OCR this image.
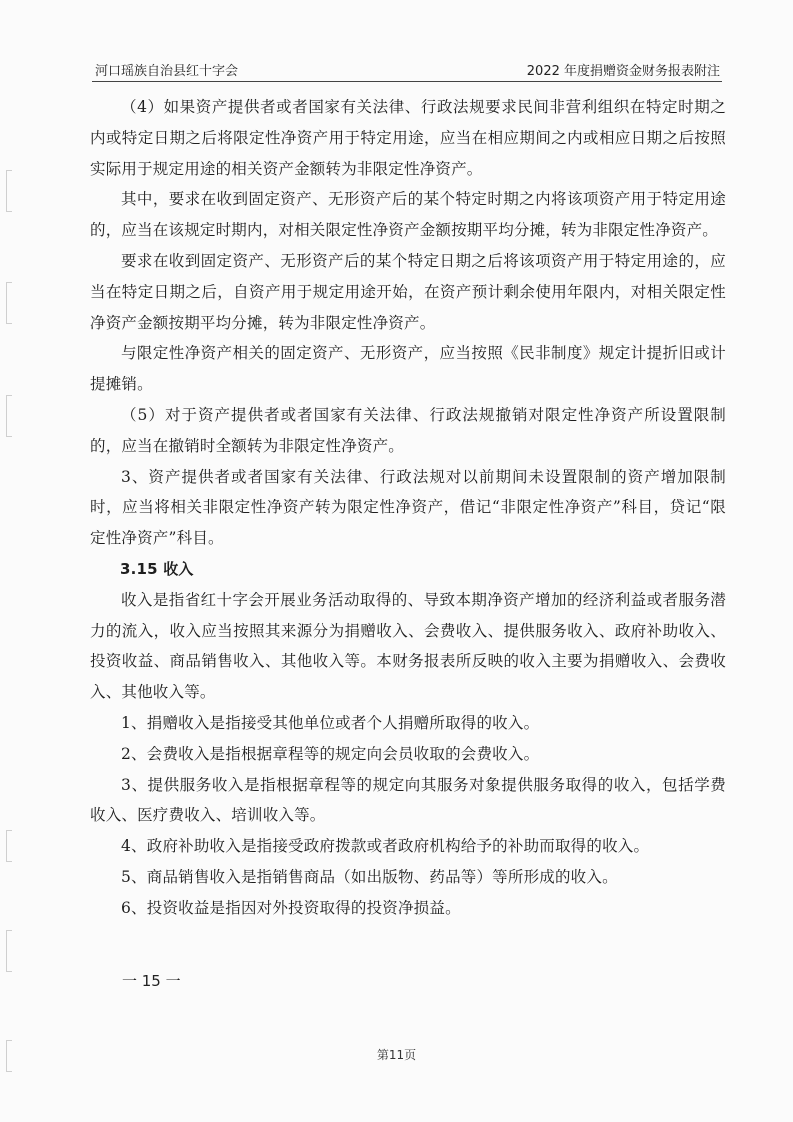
河口瑶族自治县红十字会	2022 年度捐赠资金财务报表附注

（4）如果资产提供者或者国家有关法律、行政法规要求民间非营利组织在特定时期之内或特定日期之后将限定性净资产用于特定用途，应当在相应期间之内或相应日期之后按照实际用于规定用途的相关资产金额转为非限定性净资产。

其中，要求在收到固定资产、无形资产后的某个特定时期之内将该项资产用于特定用途的，应当在该规定时期内，对相关限定性净资产金额按期平均分摊，转为非限定性净资产。

要求在收到固定资产、无形资产后的某个特定日期之后将该项资产用于特定用途的，应当在特定日期之后，自资产用于规定用途开始，在资产预计剩余使用年限内，对相关限定性净资产金额按期平均分摊，转为非限定性净资产。

与限定性净资产相关的固定资产、无形资产，应当按照《民非制度》规定计提折旧或计提摊销。

（5）对于资产提供者或者国家有关法律、行政法规撤销对限定性净资产所设置限制的，应当在撤销时全额转为非限定性净资产。

3、资产提供者或者国家有关法律、行政法规对以前期间未设置限制的资产增加限制时，应当将相关非限定性净资产转为限定性净资产，借记“非限定性净资产”科目，贷记“限定性净资产”科目。

3.15 收入

收入是指省红十字会开展业务活动取得的、导致本期净资产增加的经济利益或者服务潜力的流入，收入应当按照其来源分为捐赠收入、会费收入、提供服务收入、政府补助收入、投资收益、商品销售收入、其他收入等。本财务报表所反映的收入主要为捐赠收入、会费收入、其他收入等。

1、捐赠收入是指接受其他单位或者个人捐赠所取得的收入。

2、会费收入是指根据章程等的规定向会员收取的会费收入。

3、提供服务收入是指根据章程等的规定向其服务对象提供服务取得的收入，包括学费收入、医疗费收入、培训收入等。

4、政府补助收入是指接受政府拨款或者政府机构给予的补助而取得的收入。

5、商品销售收入是指销售商品（如出版物、药品等）等所形成的收入。

6、投资收益是指因对外投资取得的投资净损益。

一 15 一
第11页
